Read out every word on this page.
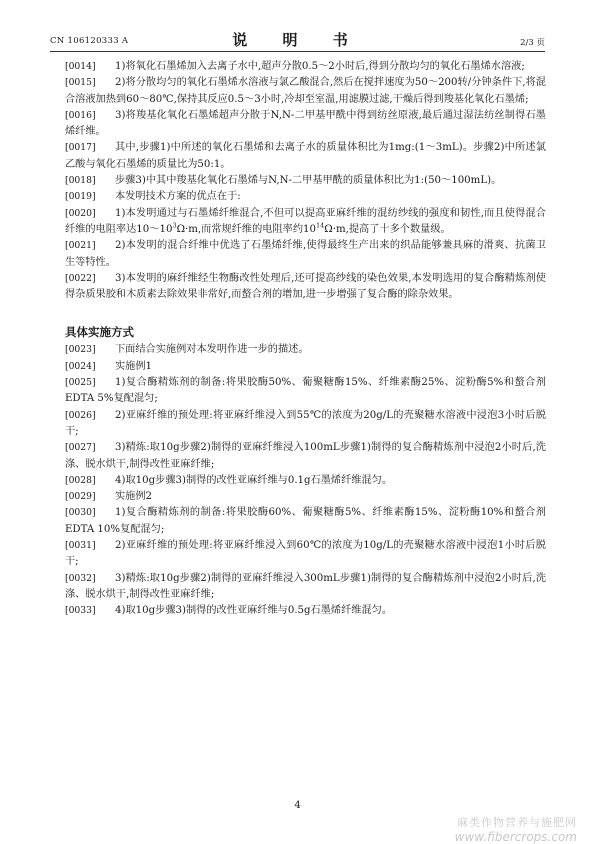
CN 106120333 A	说 明 书	2/3 页

[0014] 1)将氧化石墨烯加入去离子水中,超声分散0.5～2小时后,得到分散均匀的氧化石墨烯水溶液;

[0015] 2)将分散均匀的氧化石墨烯水溶液与氯乙酸混合,然后在搅拌速度为50～200转/分钟条件下,将混合溶液加热到60～80℃,保持其反应0.5～3小时,冷却至室温,用滤膜过滤,干燥后得到羧基化氧化石墨烯;

[0016] 3)将羧基化氧化石墨烯超声分散于N,N-二甲基甲酰中得到纺丝原液,最后通过湿法纺丝制得石墨烯纤维。

[0017] 其中,步骤1)中所述的氧化石墨烯和去离子水的质量体积比为1mg:(1～3mL)。步骤2)中所述氯乙酸与氧化石墨烯的质量比为50:1。

[0018] 步骤3)中其中羧基化氧化石墨烯与N,N-二甲基甲酰的质量体积比为1:(50～100mL)。

[0019] 本发明技术方案的优点在于:

[0020] 1)本发明通过与石墨烯纤维混合,不但可以提高亚麻纤维的混纺纱线的强度和韧性,而且使得混合纤维的电阻率达$10\sim 10^3\Omega\cdot m$,而常规纤维的电阻率约$10^{14}\Omega\cdot m$,提高了十多个数量级。

[0021] 2)本发明的混合纤维中优选了石墨烯纤维,使得最终生产出来的织品能够兼具麻的滑爽、抗菌卫生等特性。

[0022] 3)本发明的麻纤维经生物酶改性处理后,还可提高纱线的染色效果,本发明选用的复合酶精炼剂使得杂质果胶和木质素去除效果非常好,而螯合剂的增加,进一步增强了复合酶的除杂效果。

具体实施方式

[0023] 下面结合实施例对本发明作进一步的描述。

[0024] 实施例1

[0025] 1)复合酶精炼剂的制备:将果胶酶50%、葡聚糖酶15%、纤维素酶25%、淀粉酶5%和螯合剂EDTA 5%复配混匀;

[0026] 2)亚麻纤维的预处理:将亚麻纤维浸入到55℃的浓度为20g/L的壳聚糖水溶液中浸泡3小时后脱干;

[0027] 3)精炼:取10g步骤2)制得的亚麻纤维浸入100mL步骤1)制得的复合酶精炼剂中浸泡2小时后,洗涤、脱水烘干,制得改性亚麻纤维;

[0028] 4)取10g步骤3)制得的改性亚麻纤维与0.1g石墨烯纤维混匀。

[0029] 实施例2

[0030] 1)复合酶精炼剂的制备:将果胶酶60%、葡聚糖酶5%、纤维素酶15%、淀粉酶10%和螯合剂EDTA 10%复配混匀;

[0031] 2)亚麻纤维的预处理:将亚麻纤维浸入到60℃的浓度为10g/L的壳聚糖水溶液中浸泡1小时后脱干;

[0032] 3)精炼:取10g步骤2)制得的亚麻纤维浸入300mL步骤1)制得的复合酶精炼剂中浸泡2小时后,洗涤、脱水烘干,制得改性亚麻纤维;

[0033] 4)取10g步骤3)制得的改性亚麻纤维与0.5g石墨烯纤维混匀。

4
麻类作物营养与施肥网
www.fibercrops.com
